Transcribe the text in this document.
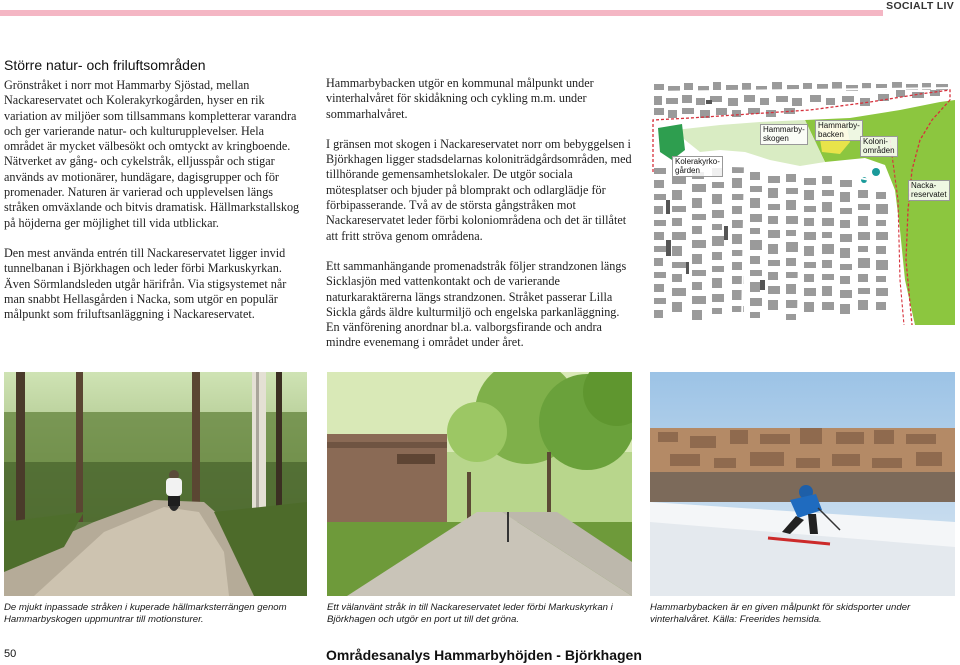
SOCIALT LIV
Större natur- och friluftsområden

Grönstråket i norr mot Hammarby Sjöstad, mellan Nackareservatet och Kolerakyrkogården, hyser en rik variation av miljöer som tillsammans kompletterar varandra och ger varierande natur- och kulturupplevelser. Hela området är mycket välbesökt och omtyckt av kringboende. Nätverket av gång- och cykelstråk, elljusspår och stigar används av motionärer, hundägare, dagisgrupper och för promenader. Naturen är varierad och upplevelsen längs stråken omväxlande och bitvis dramatisk. Hällmarkstallskog på höjderna ger möjlighet till vida utblickar.

Den mest använda entrén till Nackareservatet ligger invid tunnelbanan i Björkhagen och leder förbi Markuskyrkan. Även Sörmlandsleden utgår härifrån. Via stigsystemet når man snabbt Hellasgården i Nacka, som utgör en populär målpunkt som friluftsanläggning i Nackareservatet.

Hammarbybacken utgör en kommunal målpunkt under vinterhalvåret för skidåkning och cykling m.m. under sommarhalvåret.

I gränsen mot skogen i Nackareservatet norr om bebyggelsen i Björkhagen ligger stadsdelarnas koloniträdgårdsområden, med tillhörande gemensamhetslokaler. De utgör sociala mötesplatser och bjuder på blomprakt och odlarglädje för förbipasserande. Två av de största gångstråken mot Nackareservatet leder förbi koloniområdena och det är tillåtet att fritt ströva genom områdena.

Ett sammanhängande promenadstråk följer strandzonen längs Sicklasjön med vattenkontakt och de varierande naturkaraktärerna längs strandzonen. Stråket passerar Lilla Sickla gårds äldre kulturmiljö och engelska parkanläggning. En vänförening anordnar bl.a. valborgsfirande och andra mindre evenemang i området under året.

Kolerakyrko-
gården
Hammarby-
skogen
Hammarby-
backen
Koloni-
områden
Nacka-
reservatet
De mjukt inpassade stråken i kuperade hällmarksterrängen genom Hammarbyskogen uppmuntrar till motionsturer.
Ett välanvänt stråk in till Nackareservatet leder förbi Markuskyrkan i Björkhagen och utgör en port ut till det gröna.
Hammarbybacken är en given målpunkt för skidsporter under vinterhalvåret. Källa: Freerides hemsida.
50	Områdesanalys Hammarbyhöjden - Björkhagen
